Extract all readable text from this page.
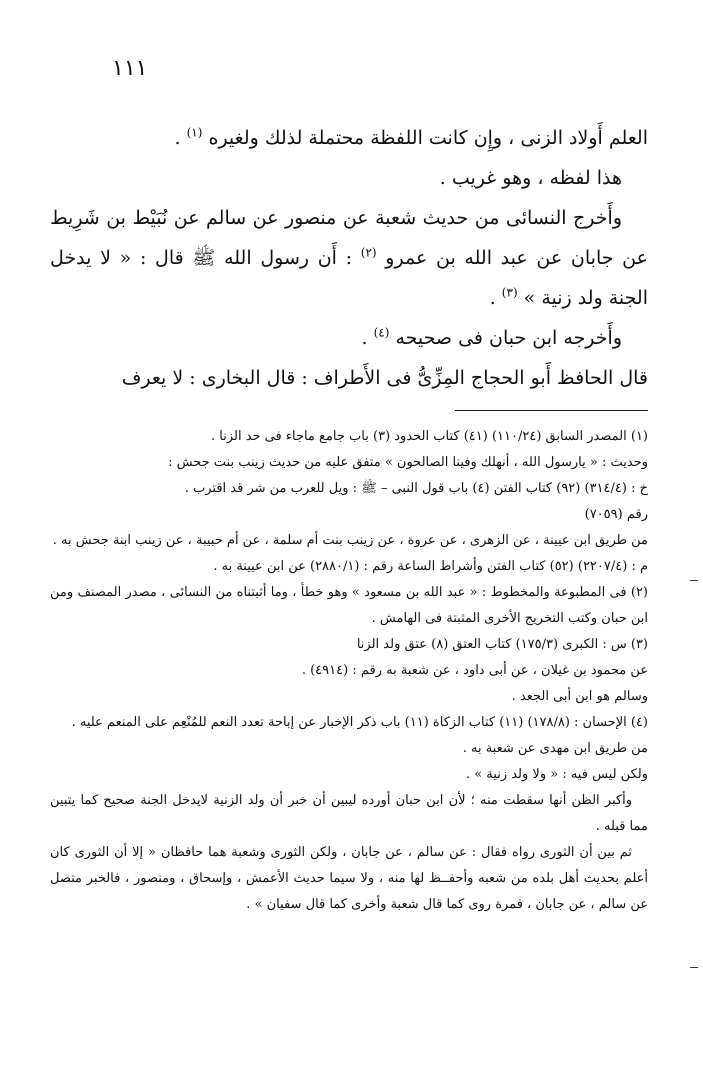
١١١

العلم أَولاد الزنى ، وإِن كانت اللفظة محتملة لذلك ولغيره $^{(١)}$ .

هذا لفظه ، وهو غريب .

وأَخرج النسائى من حديث شعبة عن منصور عن سالم عن نُبَيْط بن شَرِيط عن جابان عن عبد الله بن عمرو $^{(٢)}$ : أَن رسول الله ﷺ قال : « لا يدخل الجنة ولد زنية » $^{(٣)}$ .

وأَخرجه ابن حبان فى صحيحه $^{(٤)}$ .

قال الحافظ أَبو الحجاج المِزِّىُّ فى الأَطراف : قال البخارى : لا يعرف

(١) المصدر السابق (١١٠/٢٤) (٤١) كتاب الحدود (٣) باب جامع ماجاء فى حد الزنا .

وحديث : « يارسول الله ، أنهلك وفينا الصالحون » متفق عليه من حديث زينب بنت جحش :

خ : (٣١٤/٤) (٩٢) كتاب الفتن (٤) باب قول النبى – ﷺ : ويل للعرب من شر قد اقترب .

رقم (٧٠٥٩)

من طريق ابن عيينة ، عن الزهرى ، عن عروة ، عن زينب بنت أم سلمة ، عن أم حبيبة ، عن زينب ابنة جحش به .

م : (٢٢٠٧/٤) (٥٢) كتاب الفتن وأشراط الساعة رقم : (٢٨٨٠/١) عن ابن عيينة به .

(٢) فى المطبوعة والمخطوط : « عبد الله بن مسعود » وهو خطأ ، وما أثبتناه من النسائى ، مصدر المصنف ومن ابن حبان وكتب التخريج الأخرى المثبتة فى الهامش .

(٣) س : الكبرى (١٧٥/٣) كتاب العتق (٨) عتق ولد الزنا

عن محمود بن غيلان ، عن أبى داود ، عن شعبة به رقم : (٤٩١٤) .

وسالم هو ابن أبى الجعد .

(٤) الإحسان : (١٧٨/٨) (١١) كتاب الزكاة (١١) باب ذكر الإخبار عن إباحة تعدد النعم للمُنْعِم على المنعم عليه .

من طريق ابن مهدى عن شعبة به .

ولكن ليس فيه : « ولا ولد زنية » .

وأكبر الظن أنها سقطت منه ؛ لأن ابن حبان أورده ليبين أن خبر أن ولد الزنية لايدخل الجنة صحيح كما يتبين مما قبله .

ثم بين أن الثورى رواه فقال : عن سالم ، عن جابان ، ولكن الثورى وشعبة هما حافظان « إلا أن الثورى كان أعلم بحديث أهل بلده من شعبه وأحفــظ لها منه ، ولا سيما حديث الأعمش ، وإسحاق ، ومنصور ، فالخبر متصل عن سالم ، عن جابان ، فمرة روى كما قال شعبة وأخرى كما قال سفيان » .
